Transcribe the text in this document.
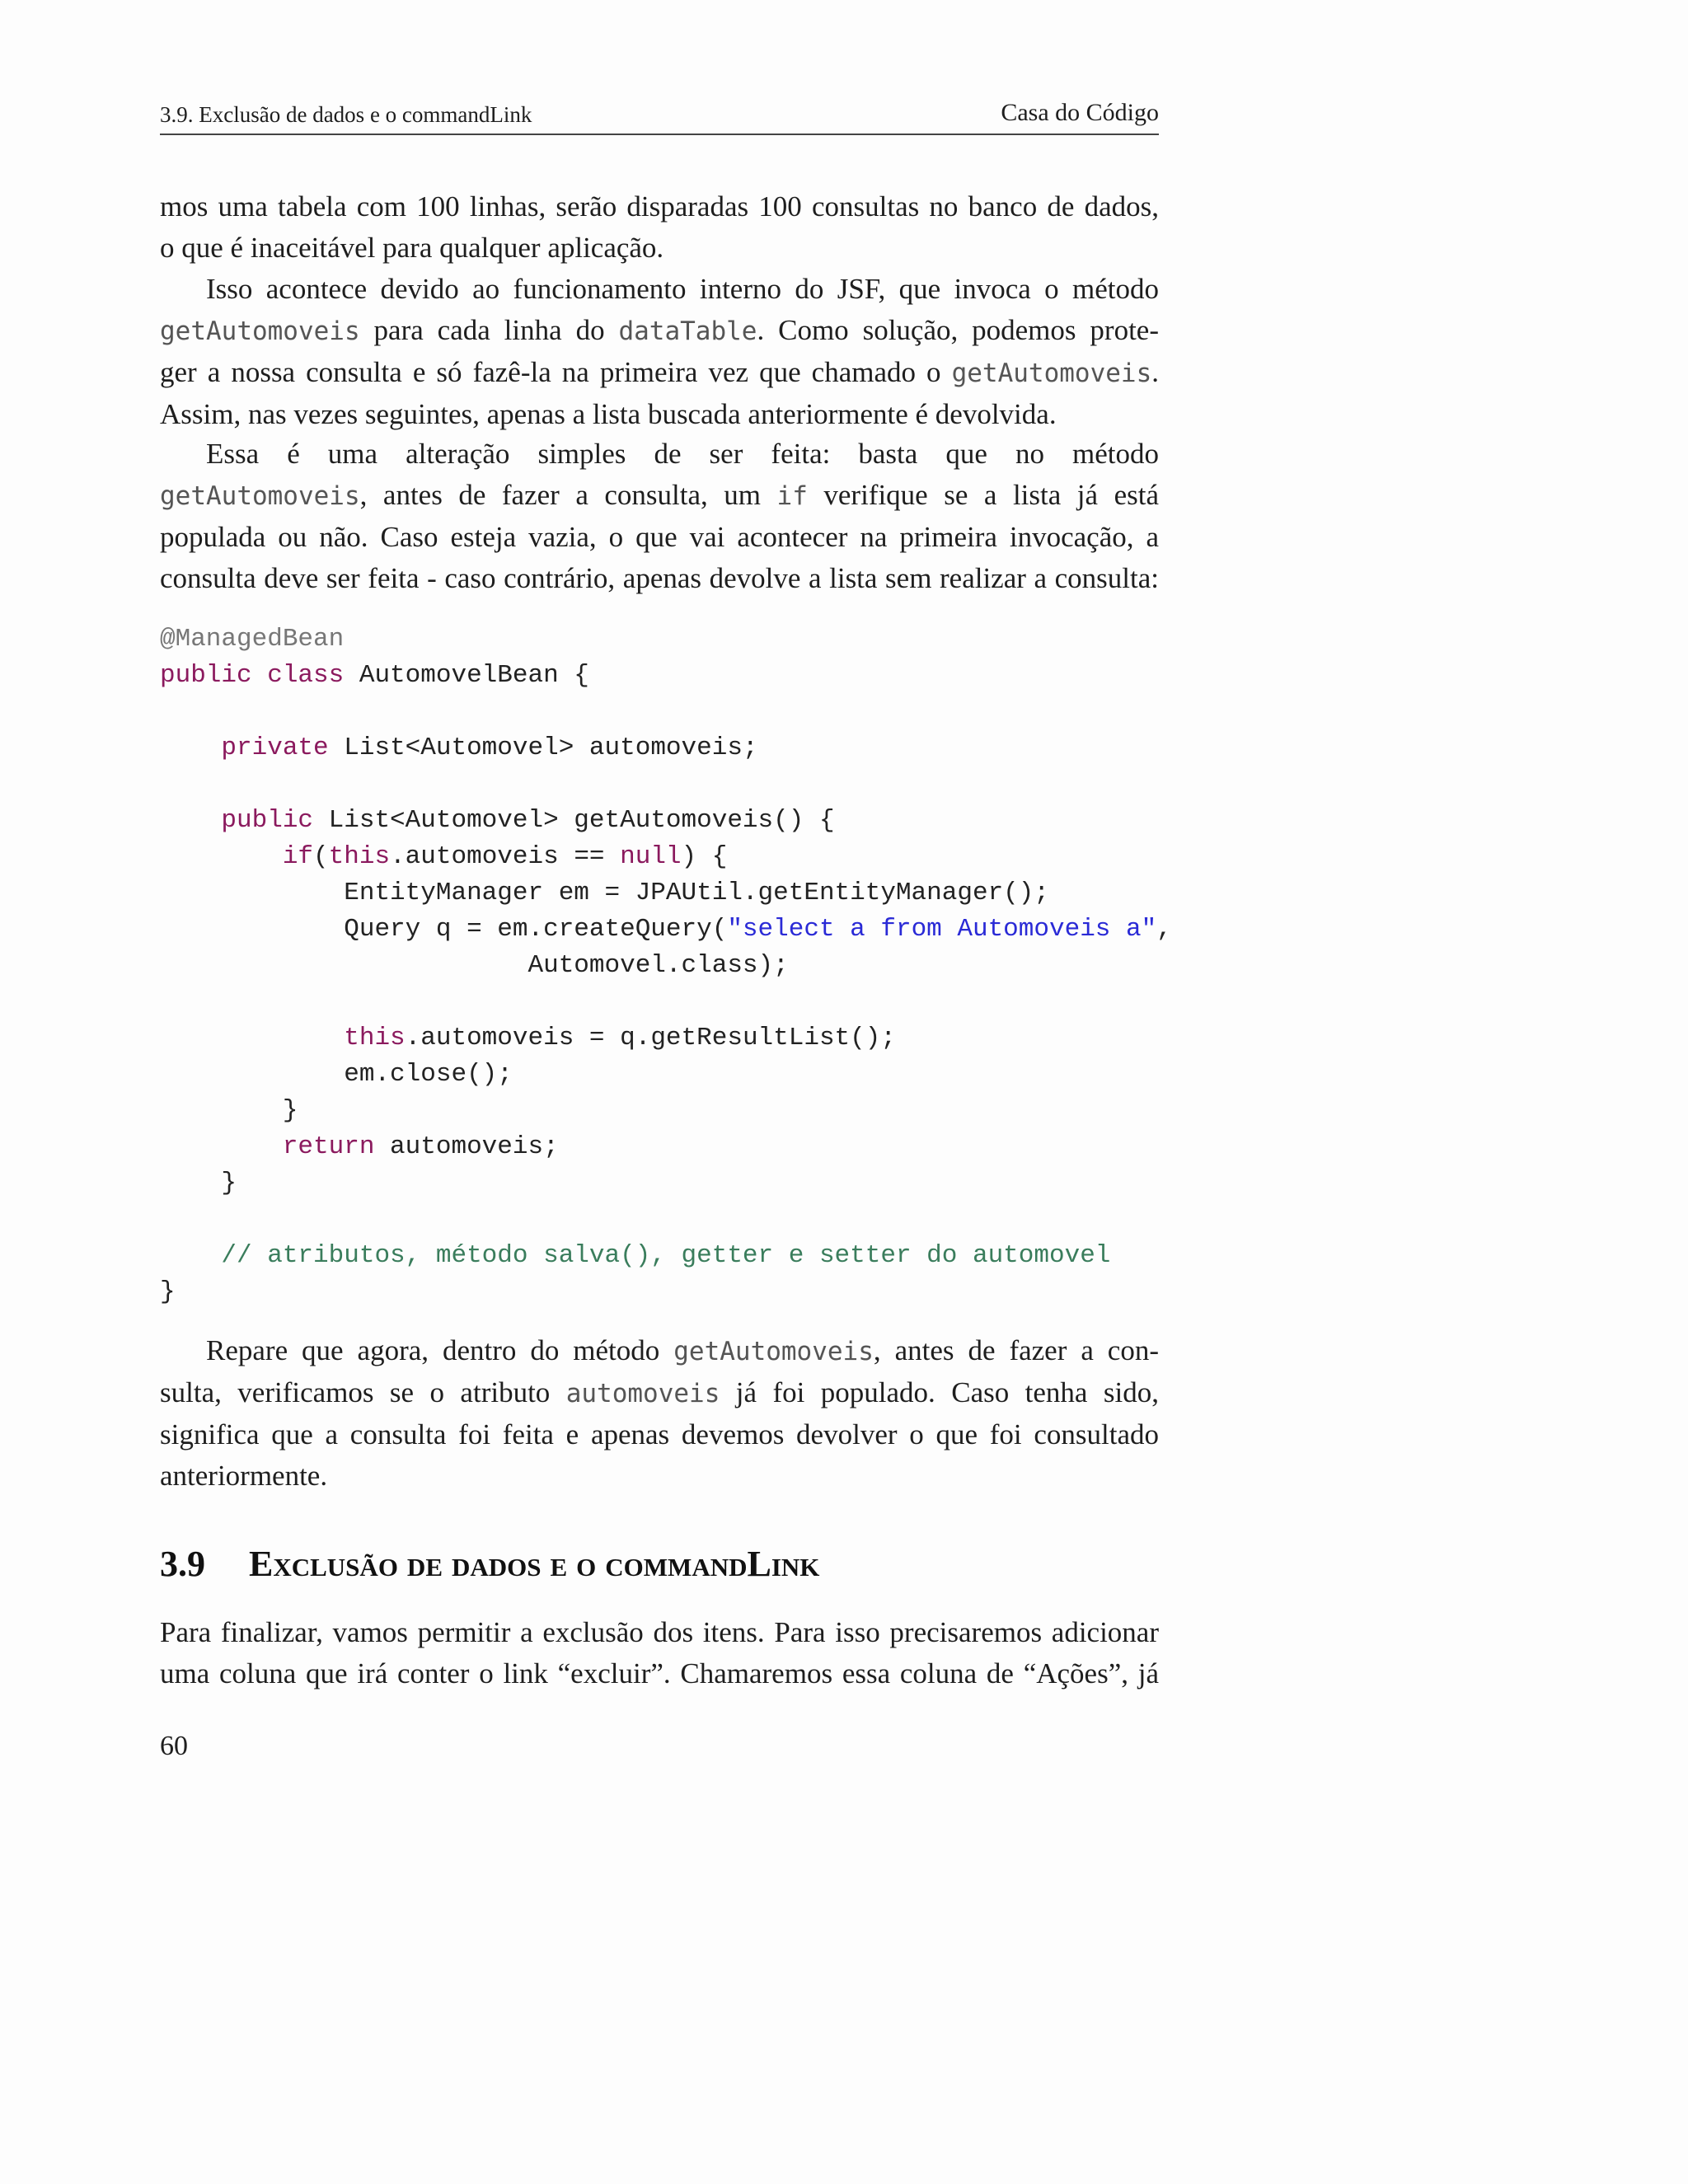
3.9. Exclusão de dados e o commandLink	Casa do Código
mos uma tabela com 100 linhas, serão disparadas 100 consultas no banco de dados,
o que é inaceitável para qualquer aplicação.
Isso acontece devido ao funcionamento interno do JSF, que invoca o método
getAutomoveis para cada linha do dataTable. Como solução, podemos prote-
ger a nossa consulta e só fazê-la na primeira vez que chamado o getAutomoveis.
Assim, nas vezes seguintes, apenas a lista buscada anteriormente é devolvida.
Essa é uma alteração simples de ser feita: basta que no método
getAutomoveis, antes de fazer a consulta, um if verifique se a lista já está
populada ou não. Caso esteja vazia, o que vai acontecer na primeira invocação, a
consulta deve ser feita - caso contrário, apenas devolve a lista sem realizar a consulta:
@ManagedBean
public class AutomovelBean {

private List<Automovel> automoveis;

public List<Automovel> getAutomoveis() {
if(this.automoveis == null) {
EntityManager em = JPAUtil.getEntityManager();
Query q = em.createQuery("select a from Automoveis a",
Automovel.class);

this.automoveis = q.getResultList();
em.close();
}
return automoveis;
}

// atributos, método salva(), getter e setter do automovel
}
Repare que agora, dentro do método getAutomoveis, antes de fazer a con-
sulta, verificamos se o atributo automoveis já foi populado. Caso tenha sido,
significa que a consulta foi feita e apenas devemos devolver o que foi consultado
anteriormente.
3.9 Exclusão de dados e o commandLink
Para finalizar, vamos permitir a exclusão dos itens. Para isso precisaremos adicionar
uma coluna que irá conter o link “excluir”. Chamaremos essa coluna de “Ações”, já
60
